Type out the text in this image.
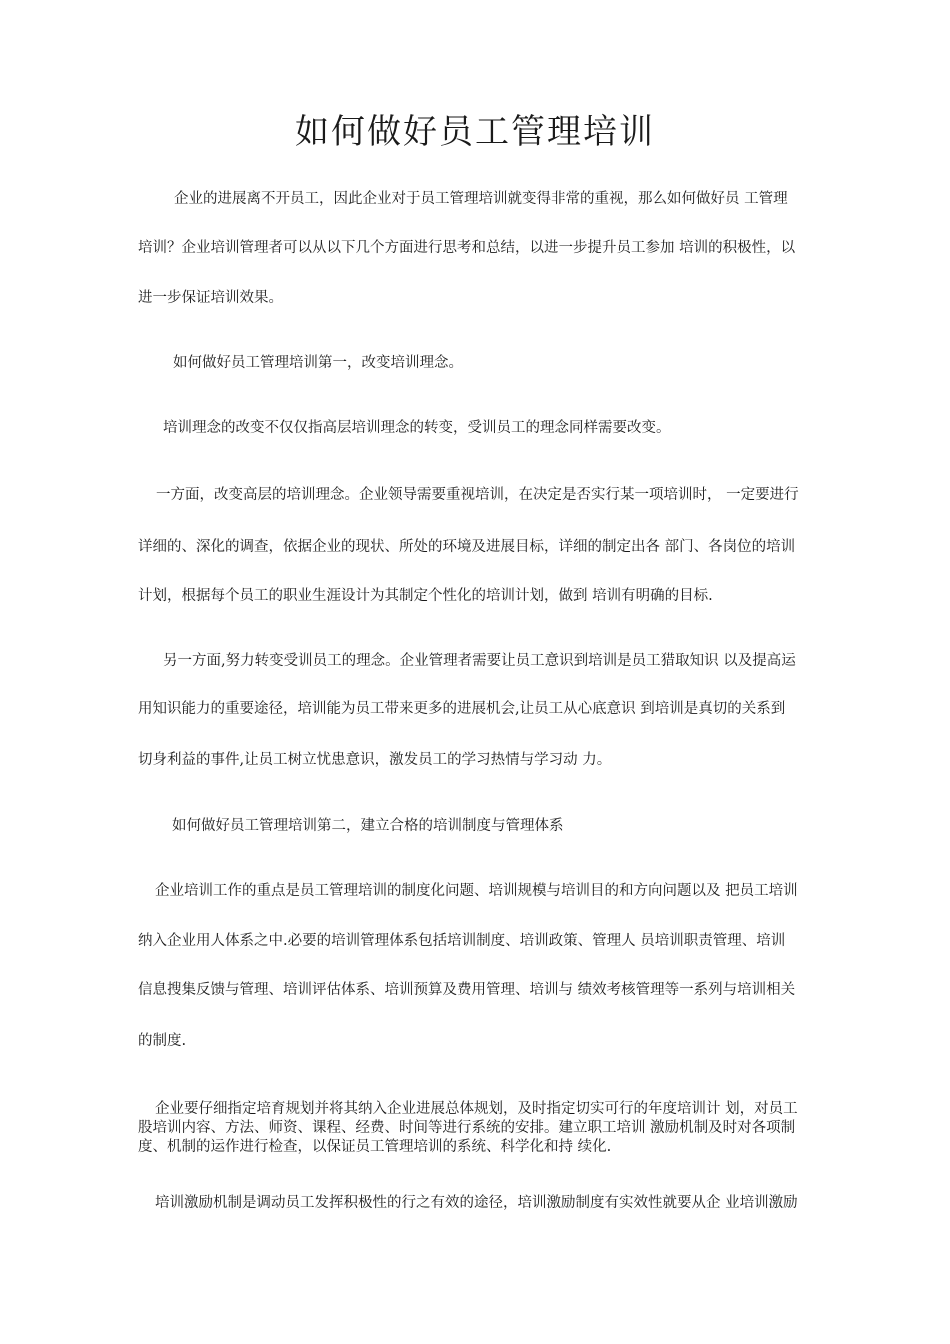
如何做好员工管理培训
企业的进展离不开员工，因此企业对于员工管理培训就变得非常的重视，那么如何做好员 工管理
培训？企业培训管理者可以从以下几个方面进行思考和总结，以进一步提升员工参加 培训的积极性，以
进一步保证培训效果。
如何做好员工管理培训第一，改变培训理念。
培训理念的改变不仅仅指高层培训理念的转变，受训员工的理念同样需要改变。
一方面，改变高层的培训理念。企业领导需要重视培训，在决定是否实行某一项培训时， 一定要进行
详细的、深化的调查，依据企业的现状、所处的环境及进展目标，详细的制定出各 部门、各岗位的培训
计划，根据每个员工的职业生涯设计为其制定个性化的培训计划，做到 培训有明确的目标.
另一方面,努力转变受训员工的理念。企业管理者需要让员工意识到培训是员工猎取知识 以及提高运
用知识能力的重要途径，培训能为员工带来更多的进展机会,让员工从心底意识 到培训是真切的关系到
切身利益的事件,让员工树立忧患意识，激发员工的学习热情与学习动 力。
如何做好员工管理培训第二，建立合格的培训制度与管理体系
企业培训工作的重点是员工管理培训的制度化问题、培训规模与培训目的和方向问题以及 把员工培训
纳入企业用人体系之中.必要的培训管理体系包括培训制度、培训政策、管理人 员培训职责管理、培训
信息搜集反馈与管理、培训评估体系、培训预算及费用管理、培训与 绩效考核管理等一系列与培训相关
的制度.

企业要仔细指定培育规划并将其纳入企业进展总体规划，及时指定切实可行的年度培训计 划，对员工

股培训内容、方法、师资、课程、经费、时间等进行系统的安排。建立职工培训 激励机制及时对各项制

度、机制的运作进行检查，以保证员工管理培训的系统、科学化和持 续化.

培训激励机制是调动员工发挥积极性的行之有效的途径，培训激励制度有实效性就要从企 业培训激励
